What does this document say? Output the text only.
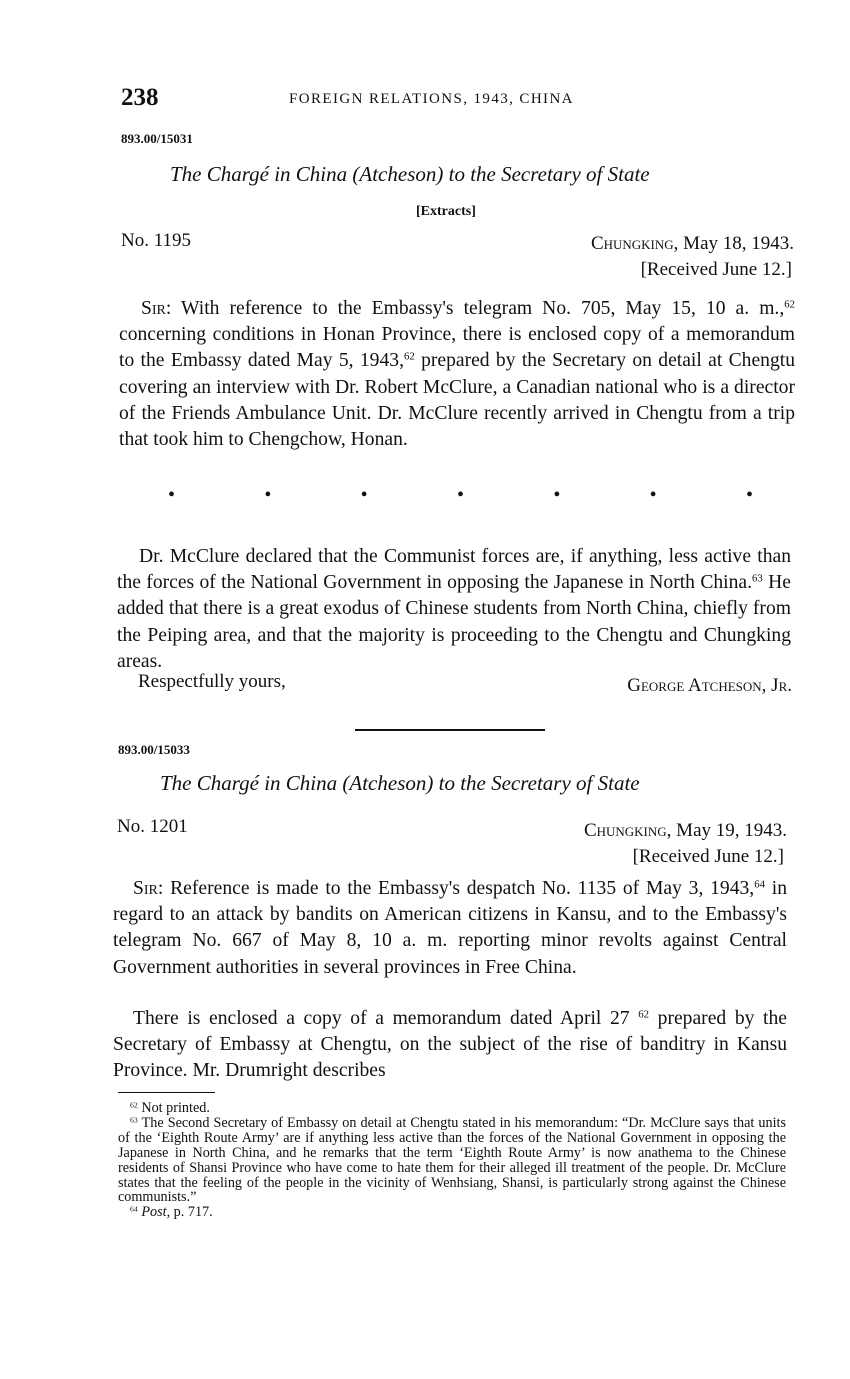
238	FOREIGN RELATIONS, 1943, CHINA
893.00/15031
The Chargé in China (Atcheson) to the Secretary of State
[Extracts]
No. 1195	Chungking, May 18, 1943.
[Received June 12.]

Sir: With reference to the Embassy's telegram No. 705, May 15, 10 a. m.,$^{62}$ concerning conditions in Honan Province, there is enclosed copy of a memorandum to the Embassy dated May 5, 1943,62 prepared by the Secretary on detail at Chengtu covering an interview with Dr. Robert McClure, a Canadian national who is a director of the Friends Ambulance Unit. Dr. McClure recently arrived in Chengtu from a trip that took him to Chengchow, Honan.

•	•	•	•	•	•	•

Dr. McClure declared that the Communist forces are, if anything, less active than the forces of the National Government in opposing the Japanese in North China.$^{63}$ He added that there is a great exodus of Chinese students from North China, chiefly from the Peiping area, and that the majority is proceeding to the Chengtu and Chungking areas.

Respectfully yours,	George Atcheson, Jr.
893.00/15033
The Chargé in China (Atcheson) to the Secretary of State
No. 1201	Chungking, May 19, 1943.
[Received June 12.]

Sir: Reference is made to the Embassy's despatch No. 1135 of May 3, 1943,64 in regard to an attack by bandits on American citizens in Kansu, and to the Embassy's telegram No. 667 of May 8, 10 a. m. reporting minor revolts against Central Government authorities in several provinces in Free China.

There is enclosed a copy of a memorandum dated April 27 $^{62}$ prepared by the Secretary of Embassy at Chengtu, on the subject of the rise of banditry in Kansu Province. Mr. Drumright describes

$^{62}$ Not printed.

$^{63}$ The Second Secretary of Embassy on detail at Chengtu stated in his memorandum: “Dr. McClure says that units of the ‘Eighth Route Army’ are if anything less active than the forces of the National Government in opposing the Japanese in North China, and he remarks that the term ‘Eighth Route Army’ is now anathema to the Chinese residents of Shansi Province who have come to hate them for their alleged ill treatment of the people. Dr. McClure states that the feeling of the people in the vicinity of Wenhsiang, Shansi, is particularly strong against the Chinese communists.”

$^{64}$ Post, p. 717.
